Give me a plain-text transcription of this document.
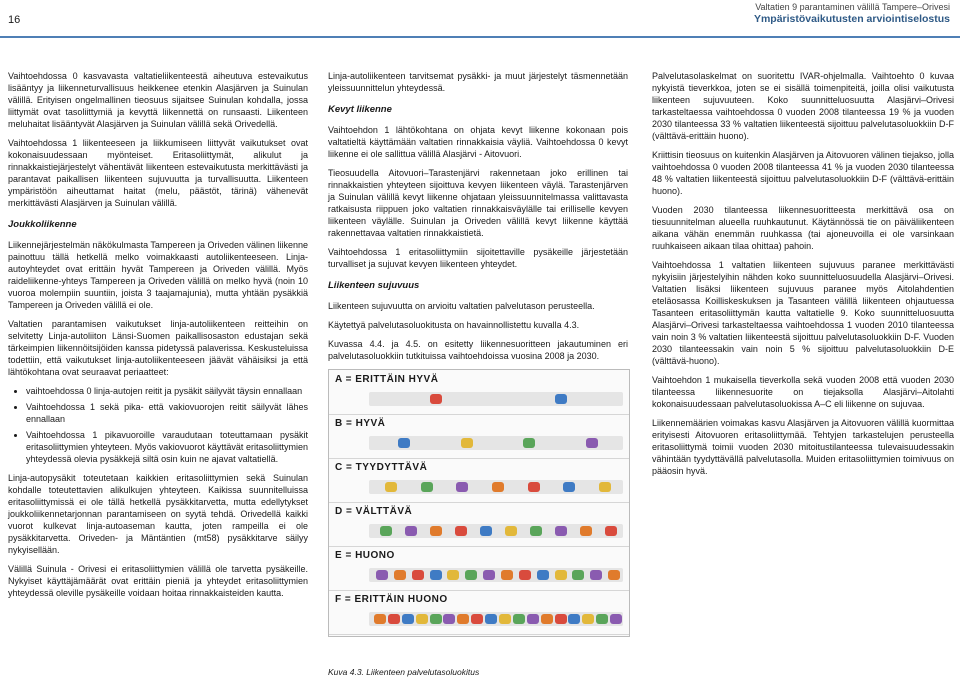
16
Valtatien 9 parantaminen välillä Tampere–Orivesi
Ympäristövaikutusten arviointiselostus

Vaihtoehdossa 0 kasvavasta valtatieliikenteestä aiheutuva estevaikutus lisääntyy ja liikenneturvallisuus heikkenee etenkin Alasjärven ja Suinulan välillä. Erityisen ongelmallinen tieosuus sijaitsee Suinulan kohdalla, jossa liittymät ovat tasoliittymiä ja kevyttä liikennettä on runsaasti. Liikenteen meluhaitat lisääntyvät Alasjärven ja Suinulan välillä sekä Orivedellä.

Vaihtoehdossa 1 liikenteeseen ja liikkumiseen liittyvät vaikutukset ovat kokonaisuudessaan myönteiset. Eritasoliittymät, alikulut ja rinnakkaistiejärjestelyt vähentävät liikenteen estevaikutusta merkittävästi ja parantavat paikallisen liikenteen sujuvuutta ja turvallisuutta. Liikenteen ympäristöön aiheuttamat haitat (melu, päästöt, tärinä) vähenevät merkittävästi Alasjärven ja Suinulan välillä.

Joukkoliikenne

Liikennejärjestelmän näkökulmasta Tampereen ja Oriveden välinen liikenne painottuu tällä hetkellä melko voimakkaasti autoliikenteeseen. Linja-autoyhteydet ovat erittäin hyvät Tampereen ja Oriveden välillä. Myös raideliikenne-yhteys Tampereen ja Oriveden välillä on melko hyvä (noin 10 vuoroa molempiin suuntiin, joista 3 taajamajunia), mutta yhtään pysäkkiä Tampereen ja Oriveden välillä ei ole.

Valtatien parantamisen vaikutukset linja-autoliikenteen reitteihin on selvitetty Linja-autoliiton Länsi-Suomen paikallisosaston edustajan sekä tärkeimpien liikennöitsijöiden kanssa pidetyssä palaverissa. Keskusteluissa todettiin, että vaikutukset linja-autoliikenteeseen jäävät vähäisiksi ja että lähtökohtana ovat seuraavat periaatteet:

• vaihtoehdossa 0 linja-autojen reitit ja pysäkit säilyvät täysin ennallaan
• Vaihtoehdossa 1 sekä pika- että vakiovuorojen reitit säilyvät lähes ennallaan
• Vaihtoehdossa 1 pikavuoroille varaudutaan toteuttamaan pysäkit eritasoliittymien yhteyteen. Myös vakiovuorot käyttävät eritasoliittymien yhteydessä olevia pysäkkejä siltä osin kuin ne ajavat valtatiellä.

Linja-autopysäkit toteutetaan kaikkien eritasoliittymien sekä Suinulan kohdalle toteutettavien alikulkujen yhteyteen. Kaikissa suunnitelluissa eritasoliittymissä ei ole tällä hetkellä pysäkkitarvetta, mutta edellytykset joukkoliikennetarjonnan parantamiseen on syytä tehdä. Orivedellä kaikki vuorot kulkevat linja-autoaseman kautta, joten rampeilla ei ole pysäkkitarvetta. Oriveden- ja Mäntäntien (mt58) pysäkkitarve säilyy nykyisellään.

Välillä Suinula - Orivesi ei eritasoliittymien välillä ole tarvetta pysäkeille. Nykyiset käyttäjämäärät ovat erittäin pieniä ja yhteydet eritasoliittymien yhteydessä oleville pysäkeille voidaan hoitaa rinnakkaisteiden kautta.

Linja-autoliikenteen tarvitsemat pysäkki- ja muut järjestelyt täsmennetään yleissuunnittelun yhteydessä.

Kevyt liikenne

Vaihtoehdon 1 lähtökohtana on ohjata kevyt liikenne kokonaan pois valtatieltä käyttämään valtatien rinnakkaisia väyliä. Vaihtoehdossa 0 kevyt liikenne ei ole sallittua välillä Alasjärvi - Aitovuori.

Tieosuudella Aitovuori–Tarastenjärvi rakennetaan joko erillinen tai rinnakkaistien yhteyteen sijoittuva kevyen liikenteen väylä. Tarastenjärven ja Suinulan välillä kevyt liikenne ohjataan yleissuunnitelmassa valittavasta ratkaisusta riippuen joko valtatien rinnakkaisväylälle tai erilliselle kevyen liikenteen väylälle. Suinulan ja Oriveden välillä kevyt liikenne käyttää rakennettavaa valtatien rinnakkaistietä.

Vaihtoehdossa 1 eritasoliittymiin sijoitettaville pysäkeille järjestetään turvalliset ja sujuvat kevyen liikenteen yhteydet.

Liikenteen sujuvuus

Liikenteen sujuvuutta on arvioitu valtatien palvelutason perusteella.

Käytettyä palvelutasoluokitusta on havainnollistettu kuvalla 4.3.

Kuvassa 4.4. ja 4.5. on esitetty liikennesuoritteen jakautuminen eri palvelutasoluokkiin tutkituissa vaihtoehdoissa vuosina 2008 ja 2030.

A = ERITTÄIN HYVÄ
B = HYVÄ
C = TYYDYTTÄVÄ
D = VÄLTTÄVÄ
E = HUONO
F = ERITTÄIN HUONO
Kuva 4.3. Liikenteen palvelutasoluokitus

Palvelutasolaskelmat on suoritettu IVAR-ohjelmalla. Vaihtoehto 0 kuvaa nykyistä tieverkkoa, joten se ei sisällä toimenpiteitä, joilla olisi vaikutusta liikenteen sujuvuuteen. Koko suunnitteluosuutta Alasjärvi–Orivesi tarkasteltaessa vaihtoehdossa 0 vuoden 2008 tilanteessa 19 % ja vuoden 2030 tilanteessa 33 % valtatien liikenteestä sijoittuu palvelutasoluokkiin D-F (välttävä-erittäin huono).

Kriittisin tieosuus on kuitenkin Alasjärven ja Aitovuoren välinen tiejakso, jolla vaihtoehdossa 0 vuoden 2008 tilanteessa 41 % ja vuoden 2030 tilanteessa 48 % valtatien liikenteestä sijoittuu palvelutasoluokkiin D-F (välttävä-erittäin huono).

Vuoden 2030 tilanteessa liikennesuoritteesta merkittävä osa on tiesuunnitelman alueella ruuhkautunut. Käytännössä tie on päiväliikenteen aikana vähän enemmän ruuhkassa (tai ajoneuvoilla ei ole varsinkaan ruuhkaiseen aikaan tilaa ohittaa) pahoin.

Vaihtoehdossa 1 valtatien liikenteen sujuvuus paranee merkittävästi nykyisiin järjestelyihin nähden koko suunnitteluosuudella Alasjärvi–Orivesi. Valtatien lisäksi liikenteen sujuvuus paranee myös Aitolahdentien eteläosassa Koilliskeskuksen ja Tasanteen välillä liikenteen ohjautuessa Tasanteen eritasoliittymän kautta valtatielle 9. Koko suunnitteluosuutta Alasjärvi–Orivesi tarkasteltaessa vaihtoehdossa 1 vuoden 2010 tilanteessa vain noin 3 % valtatien liikenteestä sijoittuu palvelutasoluokkiin D-F. Vuoden 2030 tilanteessakin vain noin 5 % sijoittuu palvelutasoluokkiin D-E (välttävä-huono).

Vaihtoehdon 1 mukaisella tieverkolla sekä vuoden 2008 että vuoden 2030 tilanteessa liikennesuorite on tiejaksolla Alasjärvi–Aitolahti kokonaisuudessaan palvelutasoluokissa A–C eli liikenne on sujuvaa.

Liikennemäärien voimakas kasvu Alasjärven ja Aitovuoren välillä kuormittaa erityisesti Aitovuoren eritasoliittymää. Tehtyjen tarkastelujen perusteella eritasoliittymä toimii vuoden 2030 mitoitustilanteessa tulevaisuudessakin vähintään tyydyttävällä palvelutasolla. Muiden eritasoliittymien toimivuus on pääosin hyvä.
